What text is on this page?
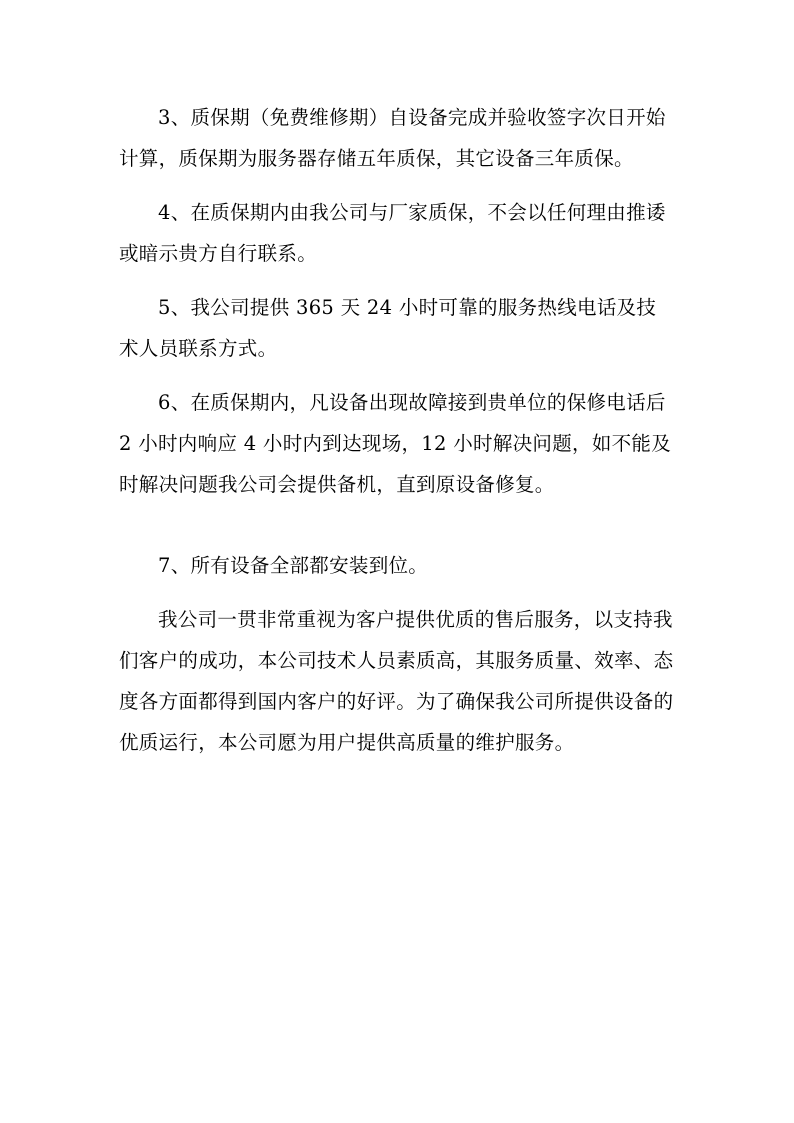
3、质保期（免费维修期）自设备完成并验收签字次日开始计算，质保期为服务器存储五年质保，其它设备三年质保。

4、在质保期内由我公司与厂家质保，不会以任何理由推诿或暗示贵方自行联系。

5、我公司提供 365 天 24 小时可靠的服务热线电话及技术人员联系方式。

6、在质保期内，凡设备出现故障接到贵单位的保修电话后 2 小时内响应 4 小时内到达现场，12 小时解决问题，如不能及时解决问题我公司会提供备机，直到原设备修复。

7、所有设备全部都安装到位。

我公司一贯非常重视为客户提供优质的售后服务，以支持我们客户的成功，本公司技术人员素质高，其服务质量、效率、态度各方面都得到国内客户的好评。为了确保我公司所提供设备的优质运行，本公司愿为用户提供高质量的维护服务。
